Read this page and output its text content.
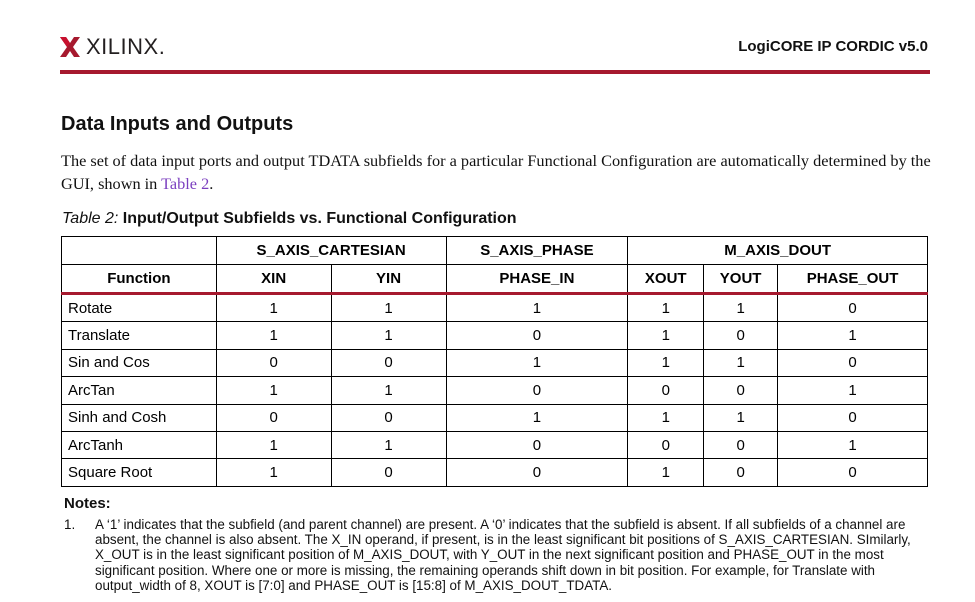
XILINX.	LogiCORE IP CORDIC v5.0
Data Inputs and Outputs
The set of data input ports and output TDATA subfields for a particular Functional Configuration are automatically determined by the GUI, shown in Table 2.
Table 2: Input/Output Subfields vs. Functional Configuration
	S_AXIS_CARTESIAN		S_AXIS_PHASE	M_AXIS_DOUT		
Function	XIN	YIN	PHASE_IN	XOUT	YOUT	PHASE_OUT
Rotate	1	1	1	1	1	0
Translate	1	1	0	1	0	1
Sin and Cos	0	0	1	1	1	0
ArcTan	1	1	0	0	0	1
Sinh and Cosh	0	0	1	1	1	0
ArcTanh	1	1	0	0	0	1
Square Root	1	0	0	1	0	0
Notes:
1.	A ‘1’ indicates that the subfield (and parent channel) are present. A ‘0’ indicates that the subfield is absent. If all subfields of a channel are absent, the channel is also absent. The X_IN operand, if present, is in the least significant bit positions of S_AXIS_CARTESIAN. SImilarly, X_OUT is in the least significant position of M_AXIS_DOUT, with Y_OUT in the next significant position and PHASE_OUT in the most significant position. Where one or more is missing, the remaining operands shift down in bit position. For example, for Translate with output_width of 8, XOUT is [7:0] and PHASE_OUT is [15:8] of M_AXIS_DOUT_TDATA.
